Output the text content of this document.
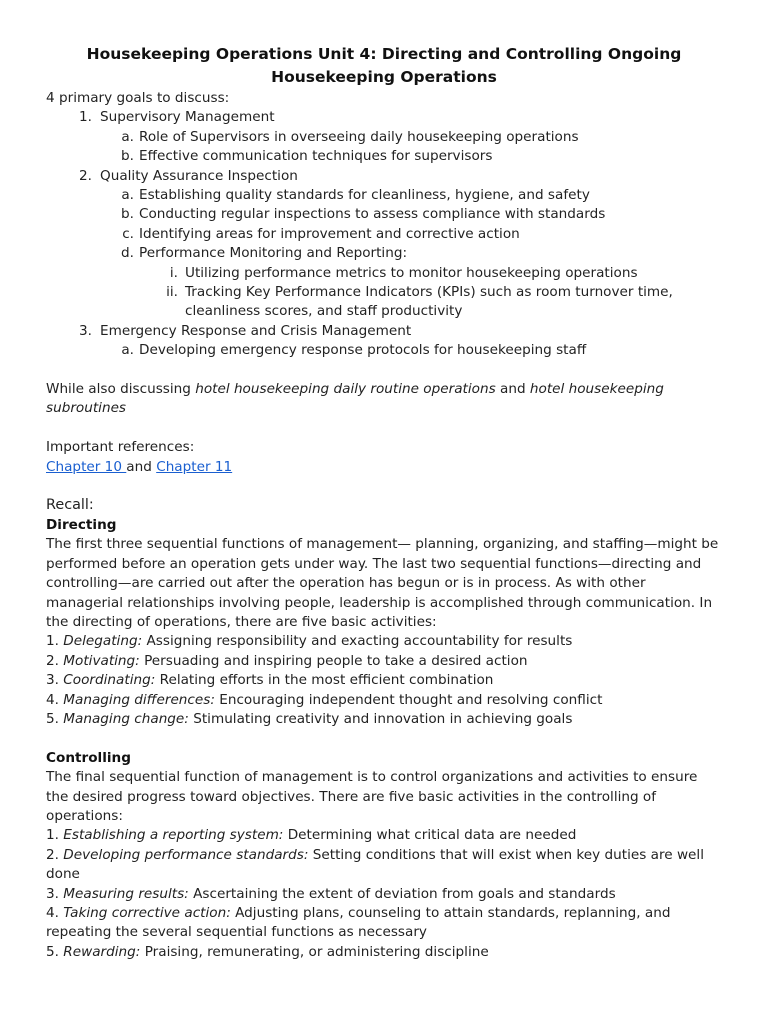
Housekeeping Operations Unit 4: Directing and Controlling Ongoing Housekeeping Operations

4 primary goals to discuss:

1. Supervisory Management

a. Role of Supervisors in overseeing daily housekeeping operations

b. Effective communication techniques for supervisors

2. Quality Assurance Inspection

a. Establishing quality standards for cleanliness, hygiene, and safety

b. Conducting regular inspections to assess compliance with standards

c. Identifying areas for improvement and corrective action

d. Performance Monitoring and Reporting:

i. Utilizing performance metrics to monitor housekeeping operations

ii. Tracking Key Performance Indicators (KPIs) such as room turnover time, cleanliness scores, and staff productivity

3. Emergency Response and Crisis Management

a. Developing emergency response protocols for housekeeping staff

While also discussing hotel housekeeping daily routine operations and hotel housekeeping subroutines

Important references:

Chapter 10 and Chapter 11

Recall:

Directing

The first three sequential functions of management— planning, organizing, and staffing—might be performed before an operation gets under way. The last two sequential functions—directing and controlling—are carried out after the operation has begun or is in process. As with other managerial relationships involving people, leadership is accomplished through communication. In the directing of operations, there are five basic activities:

1. Delegating: Assigning responsibility and exacting accountability for results

2. Motivating: Persuading and inspiring people to take a desired action

3. Coordinating: Relating efforts in the most efficient combination

4. Managing differences: Encouraging independent thought and resolving conflict

5. Managing change: Stimulating creativity and innovation in achieving goals

Controlling

The final sequential function of management is to control organizations and activities to ensure the desired progress toward objectives. There are five basic activities in the controlling of operations:

1. Establishing a reporting system: Determining what critical data are needed

2. Developing performance standards: Setting conditions that will exist when key duties are well done

3. Measuring results: Ascertaining the extent of deviation from goals and standards

4. Taking corrective action: Adjusting plans, counseling to attain standards, replanning, and repeating the several sequential functions as necessary

5. Rewarding: Praising, remunerating, or administering discipline
